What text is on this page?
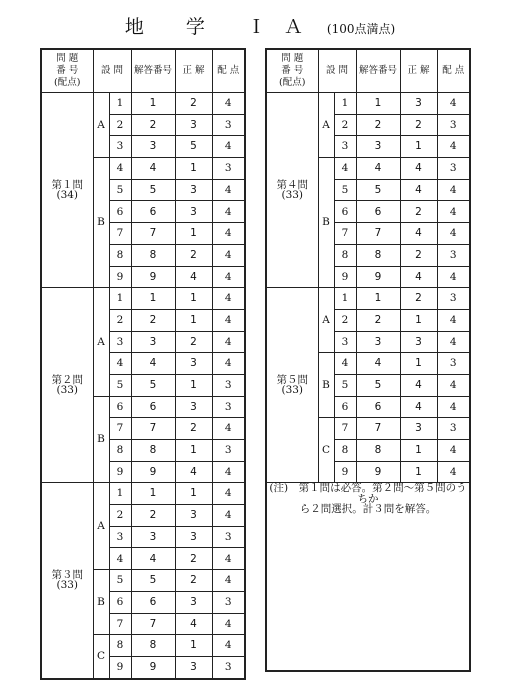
地 学 ＩＡ (100点満点)
問 題
番 号
(配点)	設 問		解答番号	正 解	配 点
第１問
(34)	A	1	1	2	4
		2	2	3	3
		3	3	5	4
	B	4	4	1	3
		5	5	3	4
		6	6	3	4
		7	7	1	4
		8	8	2	4
		9	9	4	4
第２問
(33)	A	1	1	1	4
		2	2	1	4
		3	3	2	4
		4	4	3	4
		5	5	1	3
	B	6	6	3	3
		7	7	2	4
		8	8	1	3
		9	9	4	4
第３問
(33)	A	1	1	1	4
		2	2	3	4
		3	3	3	3
		4	4	2	4
	B	5	5	2	4
		6	6	3	3
		7	7	4	4
	C	8	8	1	4
		9	9	3	3
問 題
番 号
(配点)	設 問		解答番号	正 解	配 点
第４問
(33)	A	1	1	3	4
		2	2	2	3
		3	3	1	4
	B	4	4	4	3
		5	5	4	4
		6	6	2	4
		7	7	4	4
		8	8	2	3
		9	9	4	4
第５問
(33)	A	1	1	2	3
		2	2	1	4
		3	3	3	4
	B	4	4	1	3
		5	5	4	4
		6	6	4	4
	C	7	7	3	3
		8	8	1	4
		9	9	1	4

(注)　第１問は必答。第２問～第５問のうちか
ら２問選択。計３問を解答。					
